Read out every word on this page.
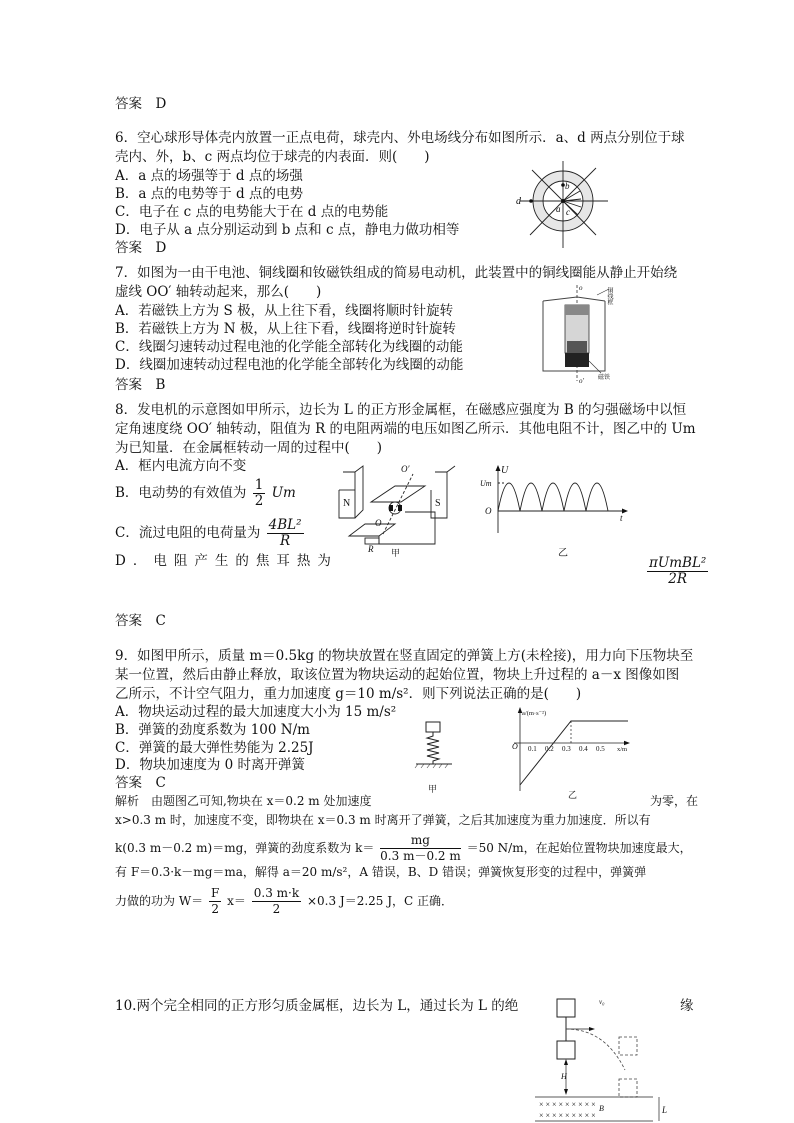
答案　D
6．空心球形导体壳内放置一正点电荷，球壳内、外电场线分布如图所示．a、d 两点分别位于球
壳内、外，b、c 两点均位于球壳的内表面．则(　　)
A．a 点的场强等于 d 点的场强
B．a 点的电势等于 d 点的电势
C．电子在 c 点的电势能大于在 d 点的电势能
D．电子从 a 点分别运动到 b 点和 c 点，静电力做功相等
答案　D
d
b
a c
7．如图为一由干电池、铜线圈和钕磁铁组成的简易电动机，此装置中的铜线圈能从静止开始绕
虚线 OO′ 轴转动起来，那么(　　)
A．若磁铁上方为 S 极，从上往下看，线圈将顺时针旋转
B．若磁铁上方为 N 极，从上往下看，线圈将逆时针旋转
C．线圈匀速转动过程电池的化学能全部转化为线圈的动能
D．线圈加速转动过程电池的化学能全部转化为线圈的动能
答案　B
o
o′
铜线框
磁铁
8．发电机的示意图如甲所示，边长为 L 的正方形金属框，在磁感应强度为 B 的匀强磁场中以恒
定角速度绕 OO′ 轴转动，阻值为 R 的电阻两端的电压如图乙所示．其他电阻不计，图乙中的 Um
为已知量．在金属框转动一周的过程中(　　)
A．框内电流方向不变
B．电动势的有效值为 $\frac{1}{2}$ Um
C．流过电阻的电荷量为 $\frac{\text{4BL²}}{R}$
D．电阻产生的焦耳热为	πUmBL²
2R
答案　C
N	S
O′
O
R 甲
U
Um
O
t
乙
9．如图甲所示，质量 m＝0.5kg 的物块放置在竖直固定的弹簧上方(未栓接)，用力向下压物块至
某一位置，然后由静止释放，取该位置为物块运动的起始位置，物块上升过程的 a－x 图像如图
乙所示，不计空气阻力，重力加速度 g＝10 m/s²．则下列说法正确的是(　　)
A．物块运动过程的最大加速度大小为 15 m/s²
B．弹簧的劲度系数为 100 N/m
C．弹簧的最大弹性势能为 2.25J
D．物块加速度为 0 时离开弹簧
答案　C
解析　由题图乙可知,物块在 x＝0.2 m 处加速度	为零，在
x>0.3 m 时，加速度不变，即物块在 x＝0.3 m 时离开了弹簧，之后其加速度为重力加速度．所以有
k(0.3 m－0.2 m)＝mg，弹簧的劲度系数为 $k= \frac{mg}{0.3 m-0.2 m} =50$ N/m，在起始位置物块加速度最大，
有 F＝0.3·k－mg＝ma，解得 a＝20 m/s²，A 错误，B、D 错误；弹簧恢复形变的过程中，弹簧弹
力做的功为 $W= \frac{F}{2} x= \frac{0.3 m\cdot k}{2} \times 0.3$ J＝2.25 J，C 正确．
甲
a/(m·s⁻²)
x/m
O 0.1 0.2 0.3 0.4 0.5
乙
10.两个完全相同的正方形匀质金属框，边长为 L，通过长为 L 的绝	缘
× × × × × × × × ×
× × × × × × × × ×
v₀
H
B	L
